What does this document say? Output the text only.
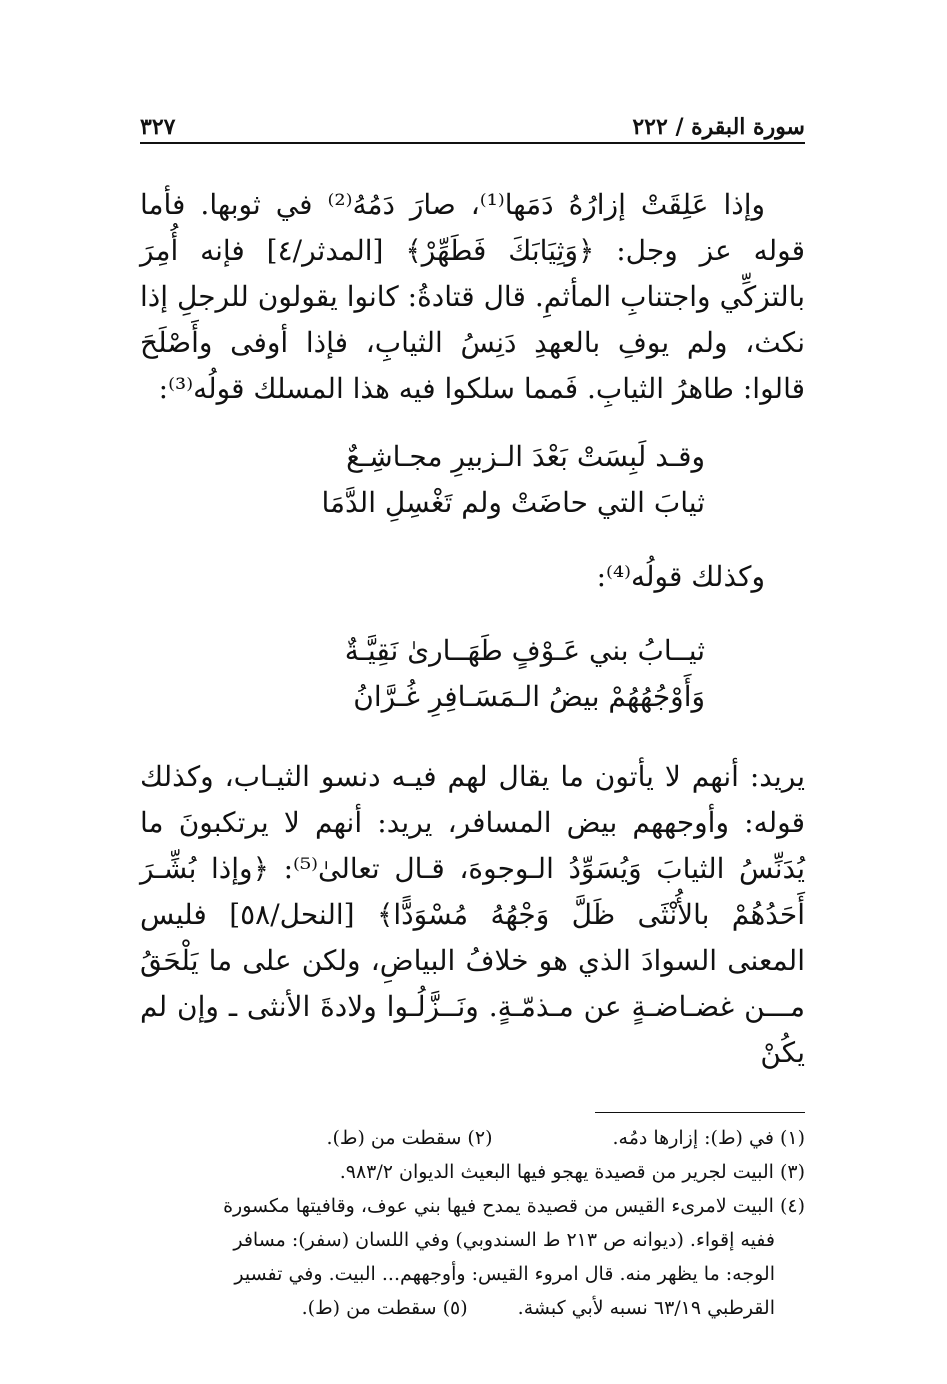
سورة البقرة / ٢٢٢
٣٢٧

وإذا عَلِقَتْ إزارُهُ دَمَها⁽¹⁾، صارَ دَمُهُ⁽²⁾ في ثوبها. فأما قوله عز وجل: ﴿وَثِيَابَكَ فَطَهِّرْ﴾ [المدثر/٤] فإنه أُمِرَ بالتزكِّي واجتنابِ المأثمِ. قال قتادةُ: كانوا يقولون للرجلِ إذا نكث، ولم يوفِ بالعهدِ دَنِسُ الثيابِ، فإذا أوفى وأَصْلَحَ قالوا: طاهرُ الثيابِ. فَمما سلكوا فيه هذا المسلك قولُه⁽³⁾:

وقـد لَبِسَتْ بَعْدَ الـزبيرِ مجـاشِـعٌ

ثيابَ التي حاضَتْ ولم تَغْسِلِ الدَّمَا

وكذلك قولُه⁽⁴⁾:

ثيــابُ بني عَـوْفٍ طَهَــارىٰ نَقِيَّـةٌ

وَأَوْجُهُهُمْ بيضُ الـمَسَـافِرِ غُـرَّانُ

يريد: أنهم لا يأتون ما يقال لهم فيـه دنسو الثيـاب، وكذلك قوله: وأوجههم بيض المسافر، يريد: أنهم لا يرتكبونَ ما يُدَنِّسُ الثيابَ وَيُسَوِّدُ الـوجوهَ، قـال تعالىٰ⁽⁵⁾: ﴿وإذا بُشِّـرَ أَحَدُهُمْ بالأُنْثَى ظَلَّ وَجْهُهُ مُسْوَدًّا﴾ [النحل/٥٨] فليس المعنى السوادَ الذي هو خلافُ البياضِ، ولكن على ما يَلْحَقُ مـــن غضـاضـةٍ عن مـذمّـةٍ. ونَــزَّلُـوا ولادةَ الأنثى ـ وإن لم يكُنْ

(١) في (ط): إزارها دمُه.
(٢) سقطت من (ط).

(٣) البيت لجرير من قصيدة يهجو فيها البعيث الديوان ٩٨٣/٢.

(٤) البيت لامرىء القيس من قصيدة يمدح فيها بني عوف، وقافيتها مكسورة

ففيه إقواء. (ديوانه ص ٢١٣ ط السندوبي) وفي اللسان (سفر): مسافر

الوجه: ما يظهر منه. قال امروء القيس: وأوجههم... البيت. وفي تفسير

القرطبي ٦٣/١٩ نسبه لأبي كبشة.
(٥) سقطت من (ط).
